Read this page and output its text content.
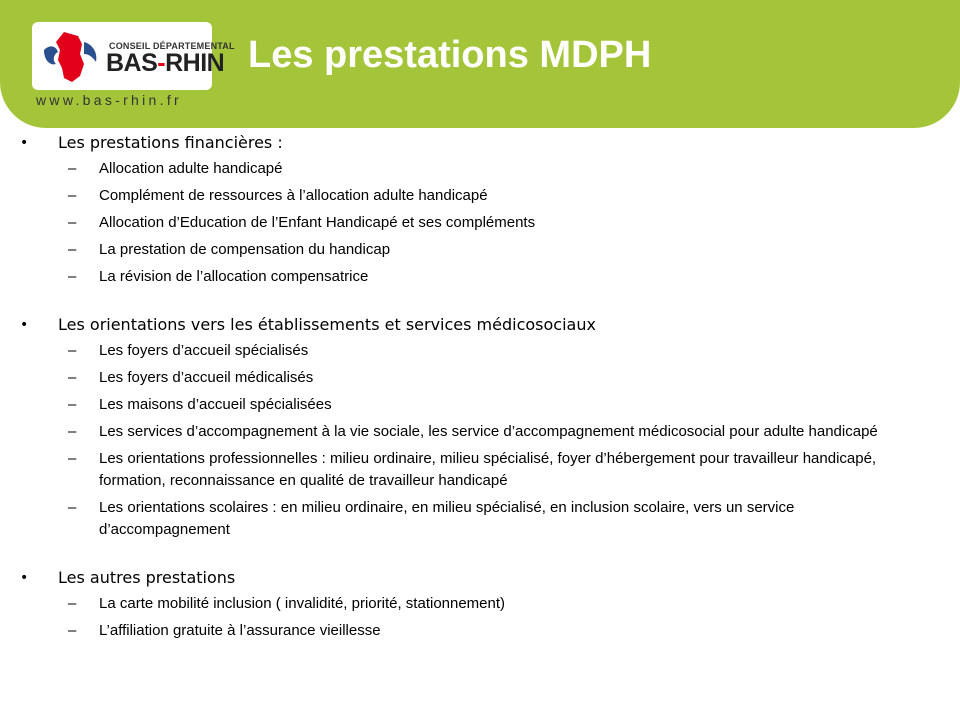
CONSEIL DÉPARTEMENTAL
BAS-RHIN
www.bas-rhin.fr
Les prestations MDPH
• Les prestations financières :
– Allocation adulte handicapé
– Complément de ressources à l’allocation adulte handicapé
– Allocation d’Education de l’Enfant Handicapé et ses compléments
– La prestation de compensation du handicap
– La révision de l’allocation compensatrice
• Les orientations vers les établissements et services médicosociaux
– Les foyers d’accueil spécialisés
– Les foyers d’accueil médicalisés
– Les maisons d’accueil spécialisées
– Les services d’accompagnement à la vie sociale, les service d’accompagnement médicosocial pour adulte handicapé
– Les orientations professionnelles : milieu ordinaire, milieu spécialisé, foyer d’hébergement pour travailleur handicapé, formation, reconnaissance en qualité de travailleur handicapé
– Les orientations scolaires : en milieu ordinaire, en milieu spécialisé, en inclusion scolaire, vers un service d’accompagnement
• Les autres prestations
– La carte mobilité inclusion ( invalidité, priorité, stationnement)
– L’affiliation gratuite à l’assurance vieillesse
